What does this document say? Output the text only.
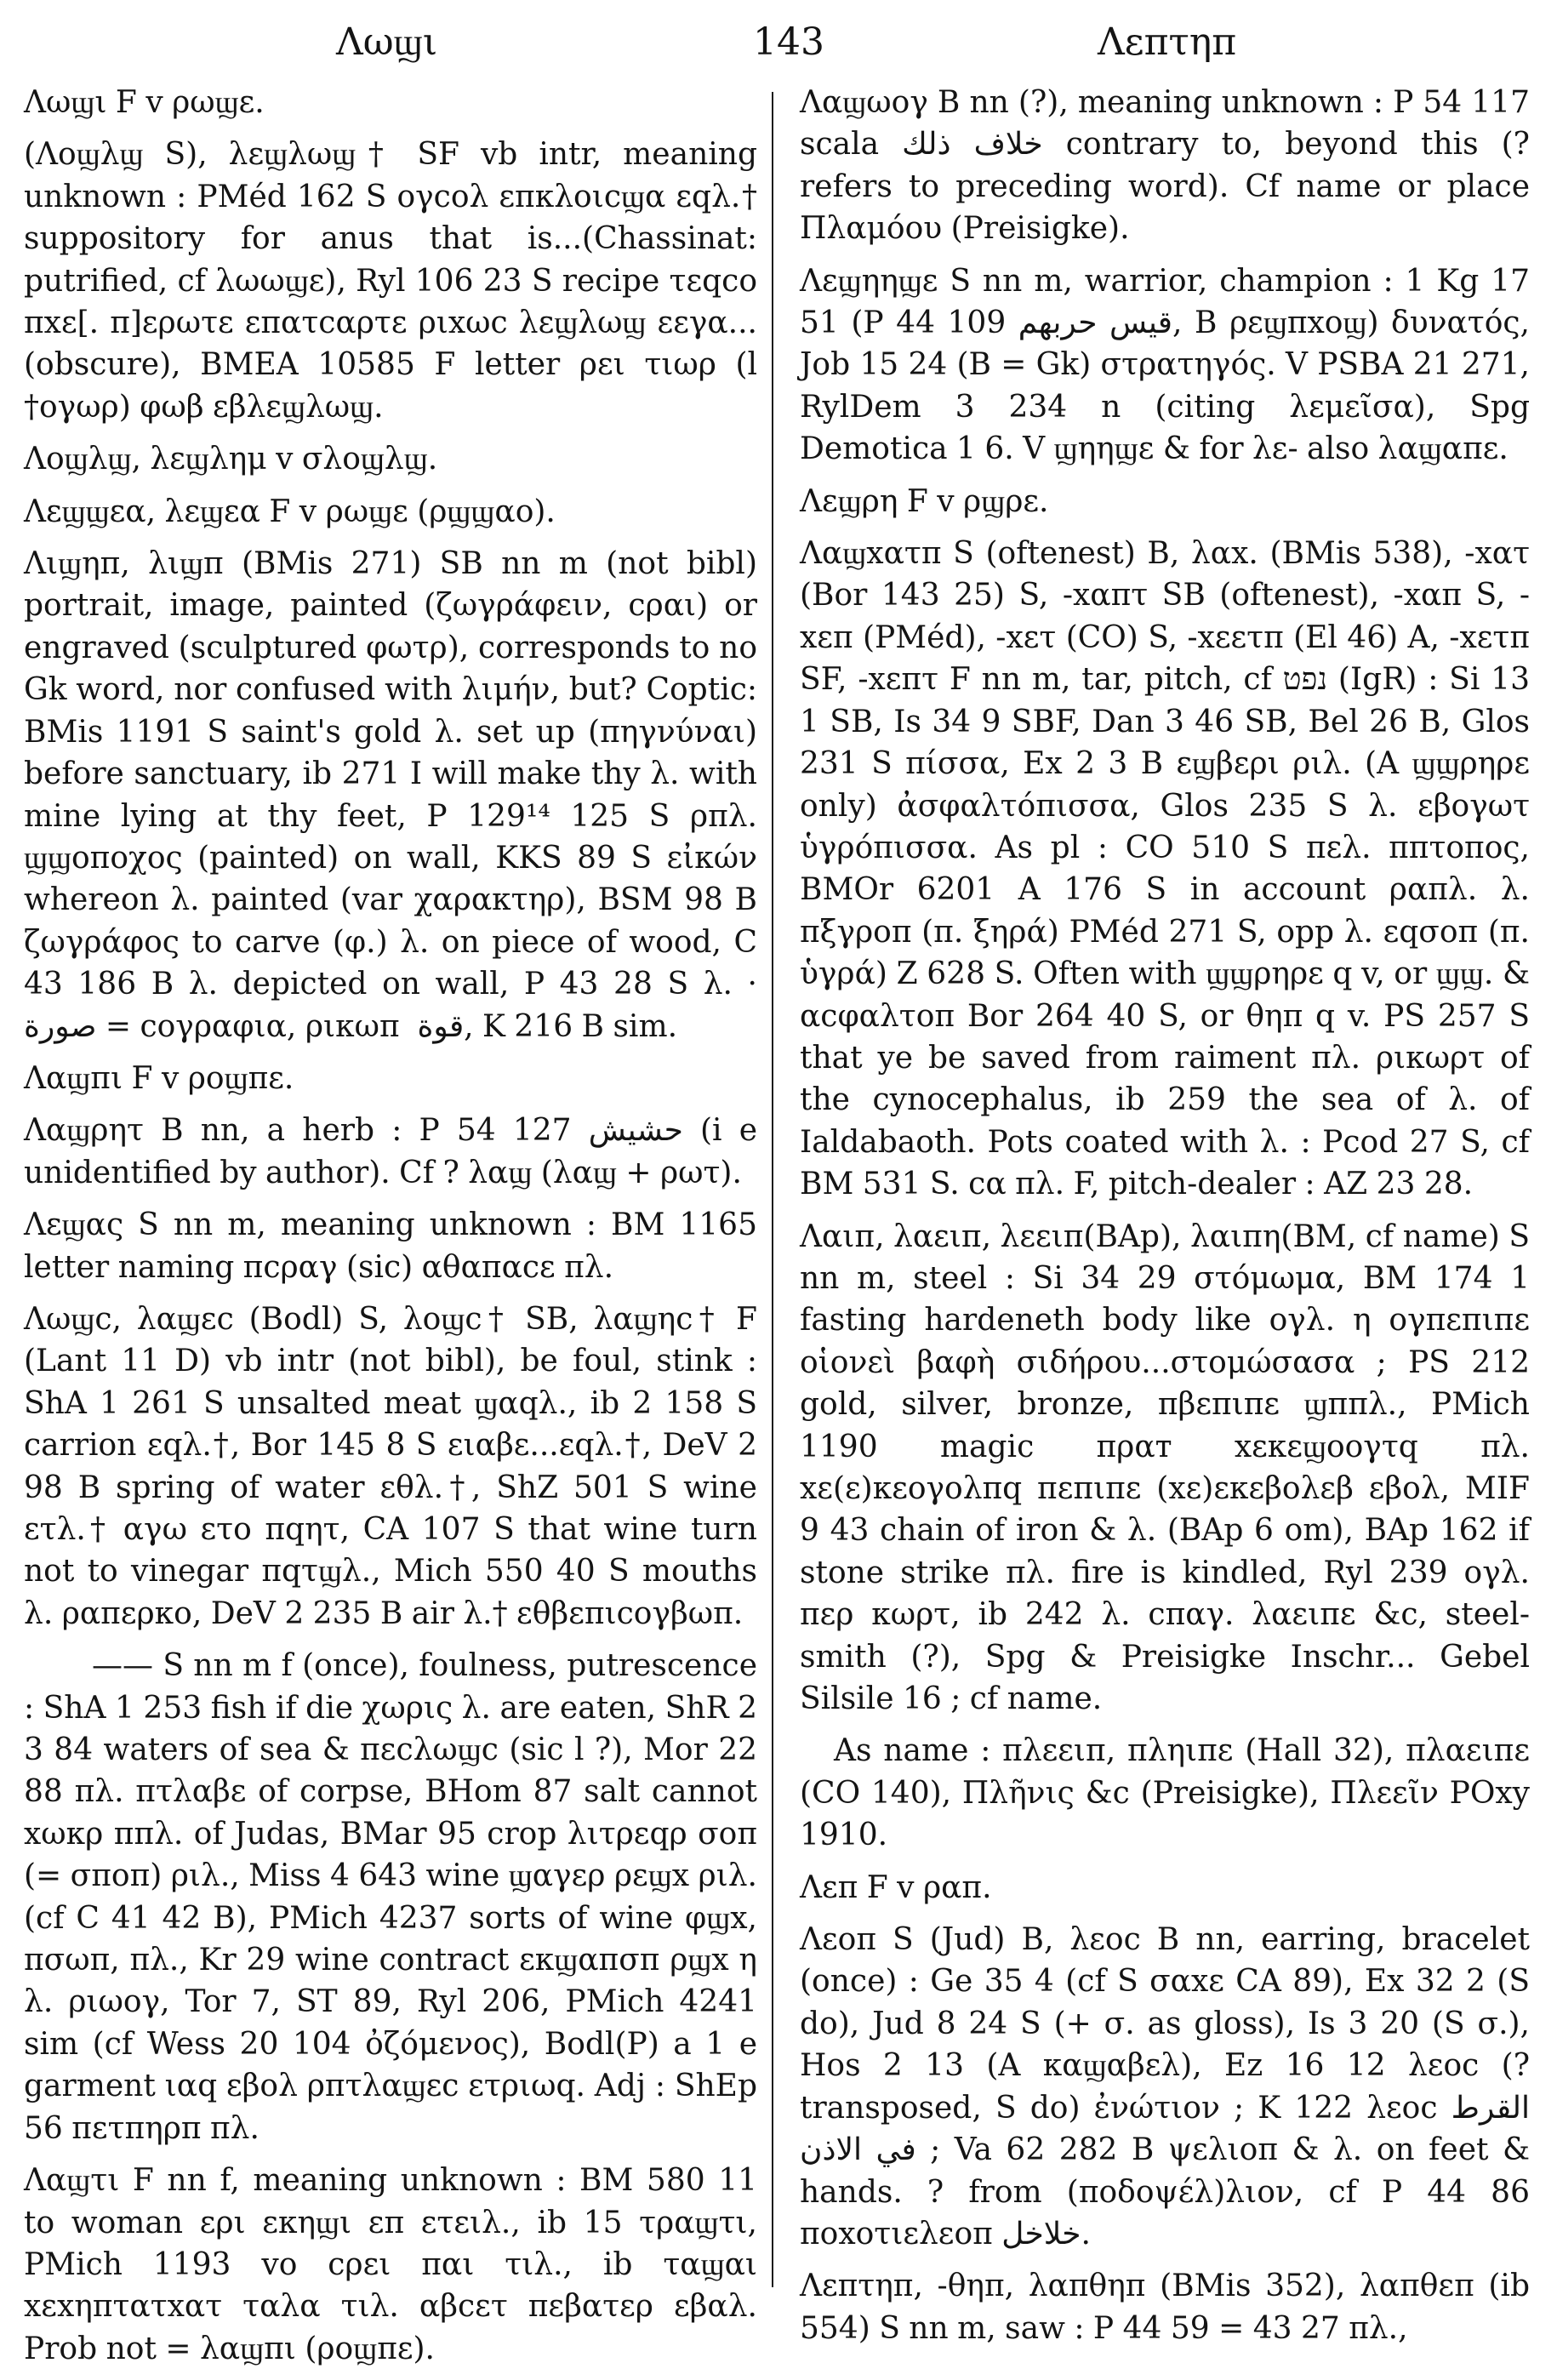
Λωϣι	143	Λεπτηπ

Λωϣι F v ρωϣε.

(Λοϣλϣ S), λεϣλωϣ† SF vb intr, meaning unknown : PMéd 162 S ογcολ επκλοιcϣα εqλ.† suppository for anus that is...(Chassinat: putrified, cf λωωϣε), Ryl 106 23 S recipe τεqcο πxε[. π]ερωτε επατcαρτε ριxωc λεϣλωϣ εεγα... (obscure), BMEA 10585 F letter ρει τιωρ (l †ογωρ) φωβ εβλεϣλωϣ.

Λοϣλϣ, λεϣλημ v σλοϣλϣ.

Λεϣϣεα, λεϣεα F v ρωϣε (ρϣϣαο).

Λιϣηπ, λιϣπ (BMis 271) SB nn m (not bibl) portrait, image, painted (ζωγράφειν, cραι) or engraved (sculptured φωτρ), corresponds to no Gk word, nor confused with λιμήν, but? Coptic: BMis 1191 S saint's gold λ. set up (πηγνύναι) before sanctuary, ib 271 I will make thy λ. with mine lying at thy feet, P 129¹⁴ 125 S ρπλ. ϣϣοποχος (painted) on wall, KKS 89 S εἰκών whereon λ. painted (var χαρακτηρ), BSM 98 B ζωγράφος to carve (φ.) λ. on piece of wood, C 43 186 B λ. depicted on wall, P 43 28 S λ. · صورة = cογραφια, ρικωπ ‌ قوة, K 216 B sim.

Λαϣπι F v ροϣπε.

Λαϣρητ B nn, a herb : P 54 127 حشيش (i e unidentified by author). Cf ? λαϣ (λαϣ + ρωτ).

Λεϣας S nn m, meaning unknown : BM 1165 letter naming πcραγ (sic) αθαπαcε πλ.

Λωϣc, λαϣεc (Bodl) S, λοϣc† SB, λαϣηc† F (Lant 11 D) vb intr (not bibl), be foul, stink : ShA 1 261 S unsalted meat ϣαqλ., ib 2 158 S carrion εqλ.†, Bor 145 8 S ειαβε...εqλ.†, DeV 2 98 B spring of water εθλ.†, ShZ 501 S wine ετλ.† αγω ετο πqητ, CA 107 S that wine turn not to vinegar πqτϣλ., Mich 550 40 S mouths λ. ραπερκο, DeV 2 235 B air λ.† εθβεπιcογβωπ.

—— S nn m f (once), foulness, putrescence : ShA 1 253 fish if die χωρις λ. are eaten, ShR 2 3 84 waters of sea & πεcλωϣc (sic l ?), Mor 22 88 πλ. πτλαβε of corpse, BHom 87 salt cannot xωκρ ππλ. of Judas, BMar 95 crop λιτρεqρ σοπ (= σποπ) ριλ., Miss 4 643 wine ϣαγερ ρεϣx ριλ. (cf C 41 42 B), PMich 4237 sorts of wine φϣx, πσωπ, πλ., Kr 29 wine contract εκϣαπσπ ρϣx η λ. ριωογ, Tor 7, ST 89, Ryl 206, PMich 4241 sim (cf Wess 20 104 ὀζόμενος), Bodl(P) a 1 e garment ιαq εβολ ρπτλαϣεc ετριωq. Adj : ShEp 56 πετπηρπ πλ.

Λαϣτι F nn f, meaning unknown : BM 580 11 to woman ερι εκηϣι επ ετειλ., ib 15 τραϣτι, PMich 1193 vo cρει παι τιλ., ib ταϣαι xεxηπτατxατ ταλα τιλ. αβcετ πεβατερ εβαλ. Prob not = λαϣπι (ροϣπε).

Λαϣωογ B nn (?), meaning unknown : P 54 117 scala خلاف ذلك contrary to, beyond this (? refers to preceding word). Cf name or place Πλαμόου (Preisigke).

Λεϣηηϣε S nn m, warrior, champion : 1 Kg 17 51 (P 44 109 قيس حربهم, B ρεϣπxοϣ) δυνατός, Job 15 24 (B = Gk) στρατηγός. V PSBA 21 271, RylDem 3 234 n (citing λεμεῖσα), Spg Demotica 1 6. V ϣηηϣε & for λε- also λαϣαπε.

Λεϣρη F v ρϣρε.

Λαϣxατπ S (oftenest) B, λαx. (BMis 538), -xατ (Bor 143 25) S, -xαπτ SB (oftenest), -xαπ S, -xεπ (PMéd), -xετ (CO) S, -xεετπ (El 46) A, -xετπ SF, -xεπτ F nn m, tar, pitch, cf נפט (IgR) : Si 13 1 SB, Is 34 9 SBF, Dan 3 46 SB, Bel 26 B, Glos 231 S πίσσα, Ex 2 3 B εϣβερι ριλ. (A ϣϣρηρε only) ἀσφαλτόπισσα, Glos 235 S λ. εβογωτ ὑγρόπισσα. As pl : CO 510 S πελ. ππτοπος, BMOr 6201 A 176 S in account ραπλ. λ. πξγροπ (π. ξηρά) PMéd 271 S, opp λ. εqσοπ (π. ὑγρά) Z 628 S. Often with ϣϣρηρε q v, or ϣϣ. & αcφαλτοπ Bor 264 40 S, or θηπ q v. PS 257 S that ye be saved from raiment πλ. ρικωρτ of the cynocephalus, ib 259 the sea of λ. of Ialdabaoth. Pots coated with λ. : Pcod 27 S, cf BM 531 S. cα πλ. F, pitch-dealer : AZ 23 28.

Λαιπ, λαειπ, λεειπ(BAp), λαιπη(BM, cf name) S nn m, steel : Si 34 29 στόμωμα, BM 174 1 fasting hardeneth body like ογλ. η ογπεπιπε οἱονεὶ βαφὴ σιδήρου...στομώσασα ; PS 212 gold, silver, bronze, πβεπιπε ϣππλ., PMich 1190 magic πραт xεκεϣοογτq πλ. xε(ε)κεογολπq πεπιπε (xε)εκεβολεβ εβολ, MIF 9 43 chain of iron & λ. (BAp 6 om), BAp 162 if stone strike πλ. fire is kindled, Ryl 239 ογλ. περ κωρτ, ib 242 λ. cπαγ. λαειπε &c, steel-smith (?), Spg & Preisigke Inschr... Gebel Silsile 16 ; cf name.

As name : πλεειπ, πληιπε (Hall 32), πλαειπε (CO 140), Πλῆνις &c (Preisigke), Πλεεῖν POxy 1910.

Λεπ F v ραπ.

Λεοπ S (Jud) B, λεοc B nn, earring, bracelet (once) : Ge 35 4 (cf S σαxε CA 89), Ex 32 2 (S do), Jud 8 24 S (+ σ. as gloss), Is 3 20 (S σ.), Hos 2 13 (A καϣαβελ), Ez 16 12 λεοc (? transposed, S do) ἐνώτιον ; K 122 λεοc القرط في الاذن ; Va 62 282 B ψελιοπ & λ. on feet & hands. ? from (ποδοψέλ)λιον, cf P 44 86 ποxοτιελεοπ خلاخل.

Λεπτηπ, -θηπ, λαπθηπ (BMis 352), λαπθεπ (ib 554) S nn m, saw : P 44 59 = 43 27 πλ.,
